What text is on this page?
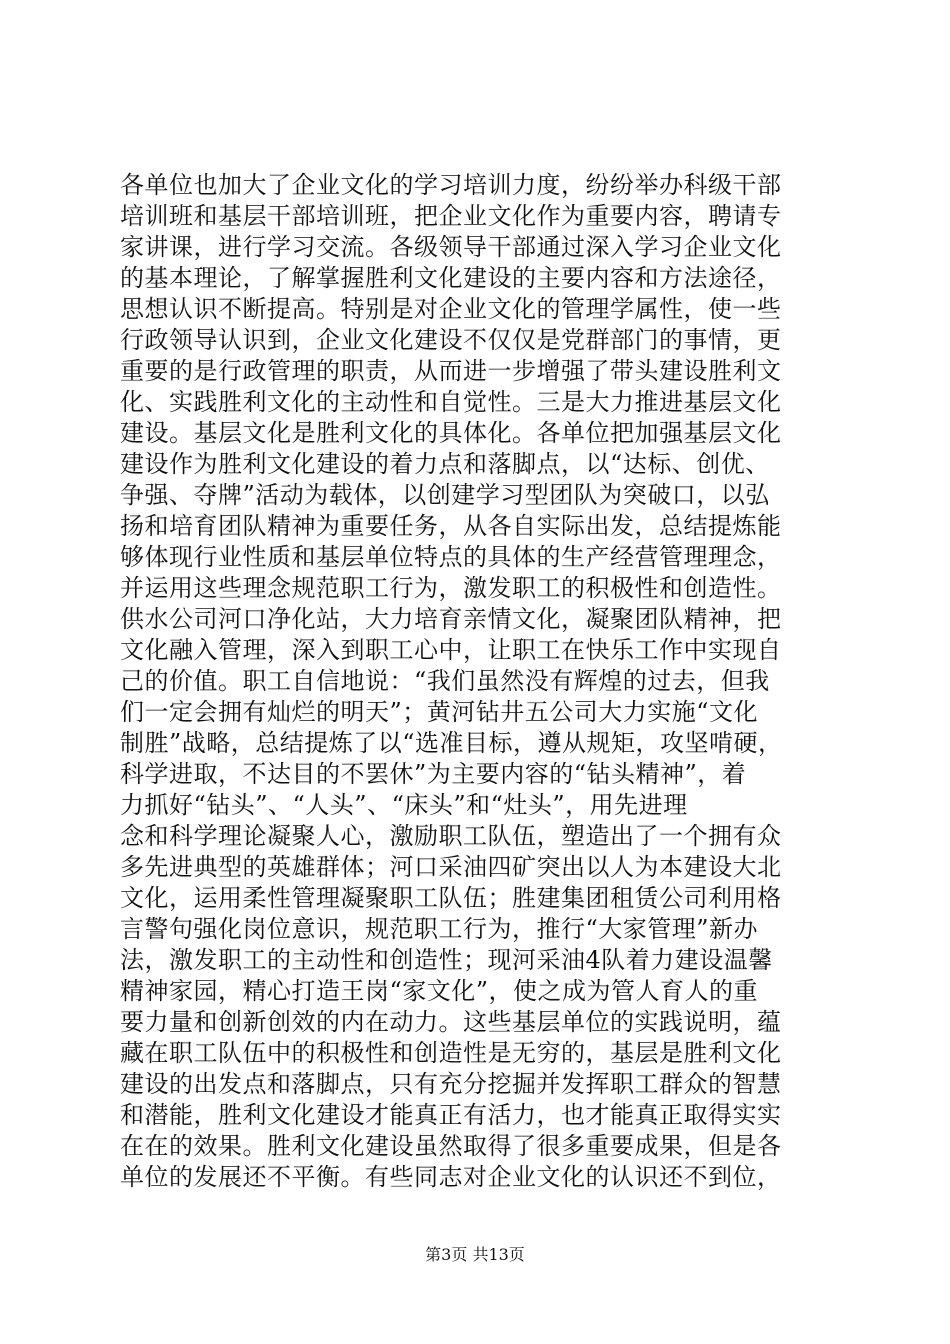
各单位也加大了企业文化的学习培训力度，纷纷举办科级干部
培训班和基层干部培训班，把企业文化作为重要内容，聘请专
家讲课，进行学习交流。各级领导干部通过深入学习企业文化
的基本理论，了解掌握胜利文化建设的主要内容和方法途径，
思想认识不断提高。特别是对企业文化的管理学属性，使一些
行政领导认识到，企业文化建设不仅仅是党群部门的事情，更
重要的是行政管理的职责，从而进一步增强了带头建设胜利文
化、实践胜利文化的主动性和自觉性。三是大力推进基层文化
建设。基层文化是胜利文化的具体化。各单位把加强基层文化
建设作为胜利文化建设的着力点和落脚点，以“达标、创优、
争强、夺牌”活动为载体，以创建学习型团队为突破口，以弘
扬和培育团队精神为重要任务，从各自实际出发，总结提炼能
够体现行业性质和基层单位特点的具体的生产经营管理理念，
并运用这些理念规范职工行为，激发职工的积极性和创造性。
供水公司河口净化站，大力培育亲情文化，凝聚团队精神，把
文化融入管理，深入到职工心中，让职工在快乐工作中实现自
己的价值。职工自信地说：“我们虽然没有辉煌的过去，但我
们一定会拥有灿烂的明天”；黄河钻井五公司大力实施“文化
制胜”战略，总结提炼了以“选准目标，遵从规矩，攻坚啃硬，
科学进取，不达目的不罢休”为主要内容的“钻头精神”，着
力抓好“钻头”、“人头”、“床头”和“灶头”，用先进理
念和科学理论凝聚人心，激励职工队伍，塑造出了一个拥有众
多先进典型的英雄群体；河口采油四矿突出以人为本建设大北
文化，运用柔性管理凝聚职工队伍；胜建集团租赁公司利用格
言警句强化岗位意识，规范职工行为，推行“大家管理”新办
法，激发职工的主动性和创造性；现河采油4队着力建设温馨
精神家园，精心打造王岗“家文化”，使之成为管人育人的重
要力量和创新创效的内在动力。这些基层单位的实践说明，蕴
藏在职工队伍中的积极性和创造性是无穷的，基层是胜利文化
建设的出发点和落脚点，只有充分挖掘并发挥职工群众的智慧
和潜能，胜利文化建设才能真正有活力，也才能真正取得实实
在在的效果。胜利文化建设虽然取得了很多重要成果，但是各
单位的发展还不平衡。有些同志对企业文化的认识还不到位，
第3页 共13页
